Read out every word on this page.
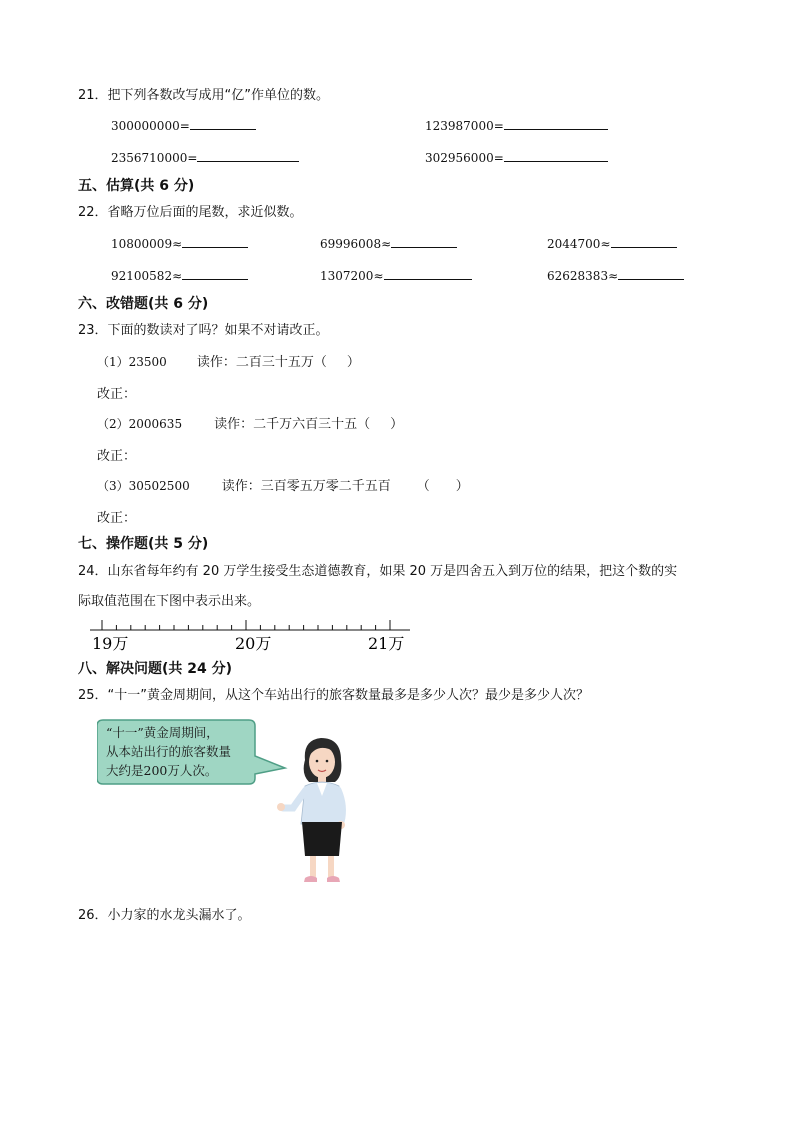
21．把下列各数改写成用“亿”作单位的数。
300000000=	123987000=
2356710000=	302956000=
五、估算(共 6 分)
22．省略万位后面的尾数，求近似数。
10800009≈	69996008≈	2044700≈
92100582≈	1307200≈	62628383≈
六、改错题(共 6 分)
23．下面的数读对了吗？如果不对请改正。
（1）23500 读作：二百三十五万（ ）
改正：
（2）2000635 读作：二千万六百三十五（ ）
改正：
（3）30502500 读作：三百零五万零二千五百 （　　）
改正：
七、操作题(共 5 分)
24．山东省每年约有 20 万学生接受生态道德教育，如果 20 万是四舍五入到万位的结果，把这个数的实
际取值范围在下图中表示出来。
19万	20万	21万
八、解决问题(共 24 分)
25．“十一”黄金周期间，从这个车站出行的旅客数量最多是多少人次？最少是多少人次？
“十一”黄金周期间，
从本站出行的旅客数量
大约是200万人次。
26．小力家的水龙头漏水了。
